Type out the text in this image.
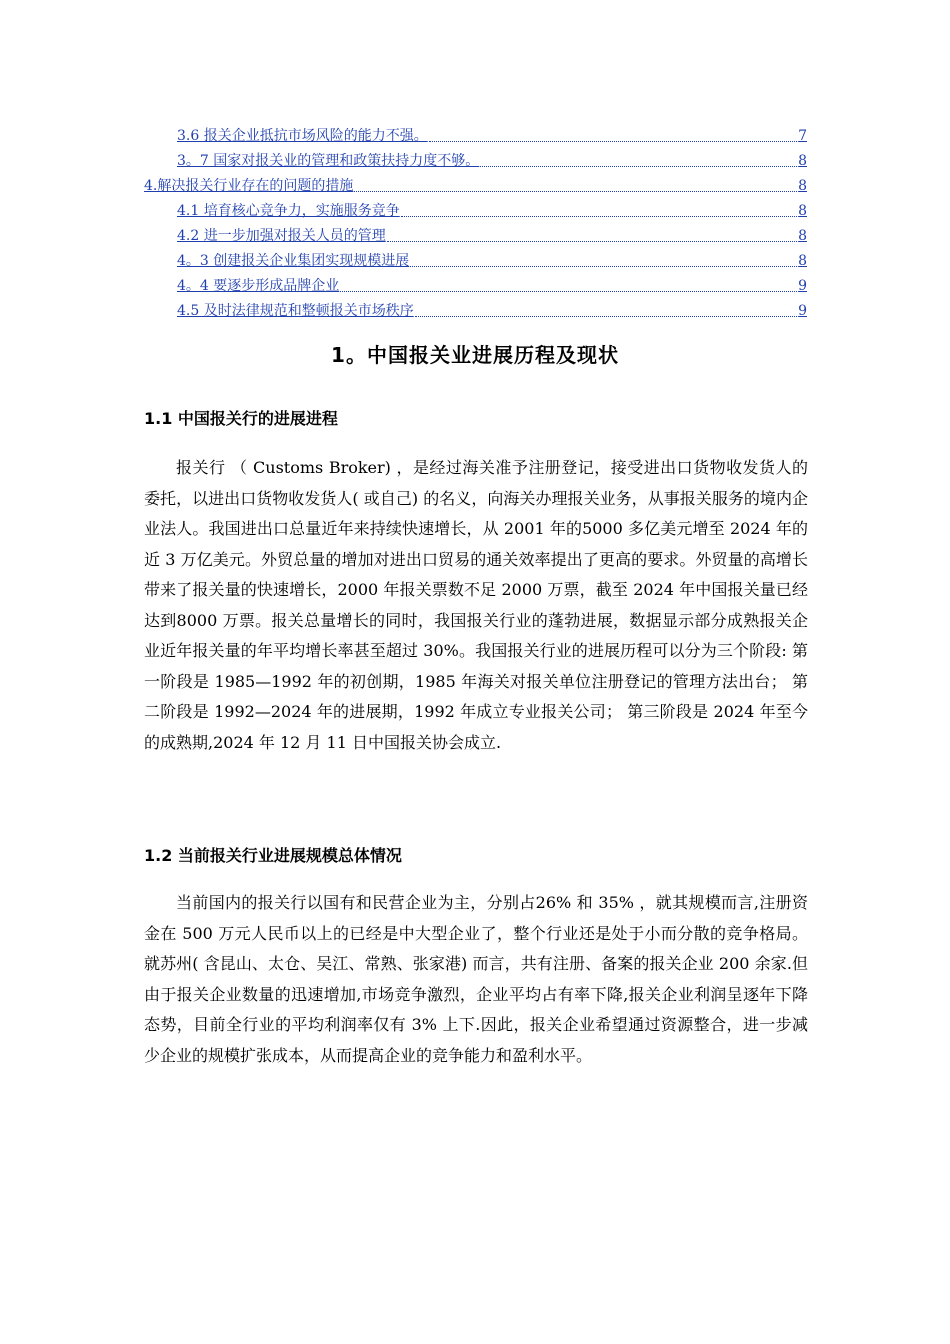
3.6 报关企业抵抗市场风险的能力不强。	7
3。7 国家对报关业的管理和政策扶持力度不够。	8
4.解决报关行业存在的问题的措施	8
4.1 培育核心竞争力，实施服务竞争	8
4.2 进一步加强对报关人员的管理	8
4。3 创建报关企业集团实现规模进展	8
4。4 要逐步形成品牌企业	9
4.5 及时法律规范和整顿报关市场秩序	9
1。中国报关业进展历程及现状
1.1 中国报关行的进展进程

报关行 （ Customs Broker) ，是经过海关准予注册登记，接受进出口货物收发货人的委托，以进出口货物收发货人( 或自己) 的名义，向海关办理报关业务，从事报关服务的境内企业法人。我国进出口总量近年来持续快速增长，从 2001 年的5000 多亿美元增至 2024 年的近 3 万亿美元。外贸总量的增加对进出口贸易的通关效率提出了更高的要求。外贸量的高增长带来了报关量的快速增长，2000 年报关票数不足 2000 万票，截至 2024 年中国报关量已经达到8000 万票。报关总量增长的同时，我国报关行业的蓬勃进展，数据显示部分成熟报关企业近年报关量的年平均增长率甚至超过 30%。我国报关行业的进展历程可以分为三个阶段: 第一阶段是 1985—1992 年的初创期，1985 年海关对报关单位注册登记的管理方法出台； 第二阶段是 1992—2024 年的进展期，1992 年成立专业报关公司； 第三阶段是 2024 年至今的成熟期,2024 年 12 月 11 日中国报关协会成立.

1.2 当前报关行业进展规模总体情况

当前国内的报关行以国有和民营企业为主，分别占26% 和 35% ，就其规模而言,注册资金在 500 万元人民币以上的已经是中大型企业了，整个行业还是处于小而分散的竞争格局。就苏州( 含昆山、太仓、吴江、常熟、张家港) 而言，共有注册、备案的报关企业 200 余家.但由于报关企业数量的迅速增加,市场竞争激烈，企业平均占有率下降,报关企业利润呈逐年下降态势，目前全行业的平均利润率仅有 3% 上下.因此，报关企业希望通过资源整合，进一步减少企业的规模扩张成本，从而提高企业的竞争能力和盈利水平。
